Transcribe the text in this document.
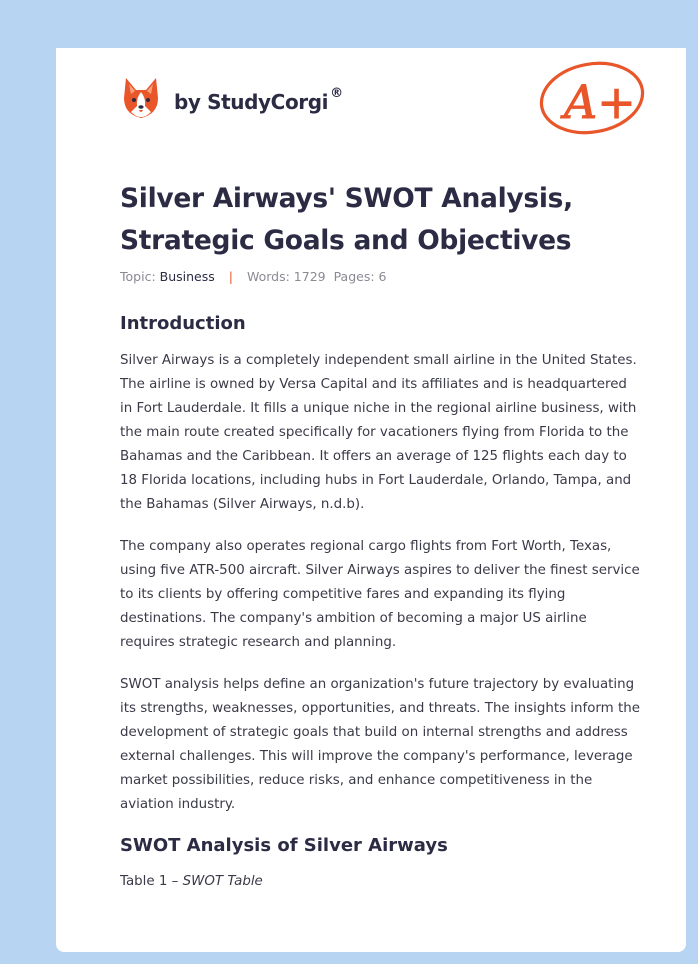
by StudyCorgi ®	A+
Silver Airways' SWOT Analysis, Strategic Goals and Objectives
Topic: Business | Words: 1729 Pages: 6
Introduction

Silver Airways is a completely independent small airline in the United States. The airline is owned by Versa Capital and its affiliates and is headquartered in Fort Lauderdale. It fills a unique niche in the regional airline business, with the main route created specifically for vacationers flying from Florida to the Bahamas and the Caribbean. It offers an average of 125 flights each day to 18 Florida locations, including hubs in Fort Lauderdale, Orlando, Tampa, and the Bahamas (Silver Airways, n.d.b).

The company also operates regional cargo flights from Fort Worth, Texas, using five ATR-500 aircraft. Silver Airways aspires to deliver the finest service to its clients by offering competitive fares and expanding its flying destinations. The company's ambition of becoming a major US airline requires strategic research and planning.

SWOT analysis helps define an organization's future trajectory by evaluating its strengths, weaknesses, opportunities, and threats. The insights inform the development of strategic goals that build on internal strengths and address external challenges. This will improve the company's performance, leverage market possibilities, reduce risks, and enhance competitiveness in the aviation industry.

SWOT Analysis of Silver Airways
Table 1 – SWOT Table
